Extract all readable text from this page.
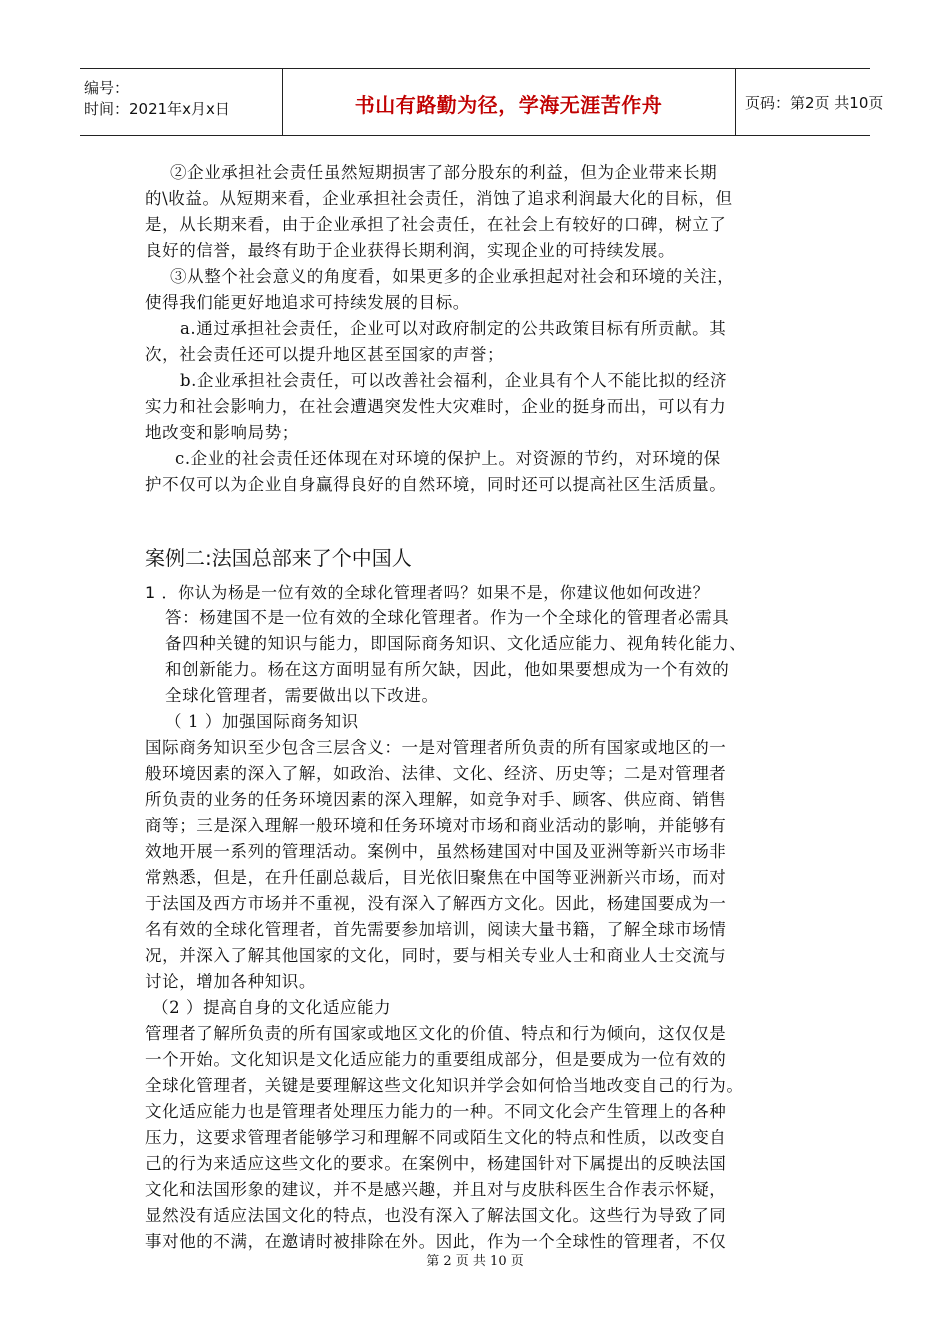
编号：
时间：2021年x月x日	书山有路勤为径，学海无涯苦作舟	页码：第2页 共10页
②企业承担社会责任虽然短期损害了部分股东的利益，但为企业带来长期
的\收益。从短期来看，企业承担社会责任，消蚀了追求利润最大化的目标，但
是，从长期来看，由于企业承担了社会责任，在社会上有较好的口碑，树立了
良好的信誉，最终有助于企业获得长期利润，实现企业的可持续发展。
③从整个社会意义的角度看，如果更多的企业承担起对社会和环境的关注，
使得我们能更好地追求可持续发展的目标。
a.通过承担社会责任，企业可以对政府制定的公共政策目标有所贡献。其
次，社会责任还可以提升地区甚至国家的声誉；
b.企业承担社会责任，可以改善社会福利，企业具有个人不能比拟的经济
实力和社会影响力，在社会遭遇突发性大灾难时，企业的挺身而出，可以有力
地改变和影响局势；
c.企业的社会责任还体现在对环境的保护上。对资源的节约，对环境的保
护不仅可以为企业自身赢得良好的自然环境，同时还可以提高社区生活质量。
案例二:法国总部来了个中国人
1 ．你认为杨是一位有效的全球化管理者吗？如果不是，你建议他如何改进？
答：杨建国不是一位有效的全球化管理者。作为一个全球化的管理者必需具
备四种关键的知识与能力，即国际商务知识、文化适应能力、视角转化能力、
和创新能力。杨在这方面明显有所欠缺，因此，他如果要想成为一个有效的
全球化管理者，需要做出以下改进。
（ 1 ）加强国际商务知识
国际商务知识至少包含三层含义：一是对管理者所负责的所有国家或地区的一
般环境因素的深入了解，如政治、法律、文化、经济、历史等；二是对管理者
所负责的业务的任务环境因素的深入理解，如竞争对手、顾客、供应商、销售
商等；三是深入理解一般环境和任务环境对市场和商业活动的影响，并能够有
效地开展一系列的管理活动。案例中，虽然杨建国对中国及亚洲等新兴市场非
常熟悉，但是，在升任副总裁后，目光依旧聚焦在中国等亚洲新兴市场，而对
于法国及西方市场并不重视，没有深入了解西方文化。因此，杨建国要成为一
名有效的全球化管理者，首先需要参加培训，阅读大量书籍，了解全球市场情
况，并深入了解其他国家的文化，同时，要与相关专业人士和商业人士交流与
讨论，增加各种知识。
（2 ）提高自身的文化适应能力
管理者了解所负责的所有国家或地区文化的价值、特点和行为倾向，这仅仅是
一个开始。文化知识是文化适应能力的重要组成部分，但是要成为一位有效的
全球化管理者，关键是要理解这些文化知识并学会如何恰当地改变自己的行为。
文化适应能力也是管理者处理压力能力的一种。不同文化会产生管理上的各种
压力，这要求管理者能够学习和理解不同或陌生文化的特点和性质，以改变自
己的行为来适应这些文化的要求。在案例中，杨建国针对下属提出的反映法国
文化和法国形象的建议，并不是感兴趣，并且对与皮肤科医生合作表示怀疑，
显然没有适应法国文化的特点，也没有深入了解法国文化。这些行为导致了同
事对他的不满，在邀请时被排除在外。因此，作为一个全球性的管理者，不仅
第 2 页 共 10 页
